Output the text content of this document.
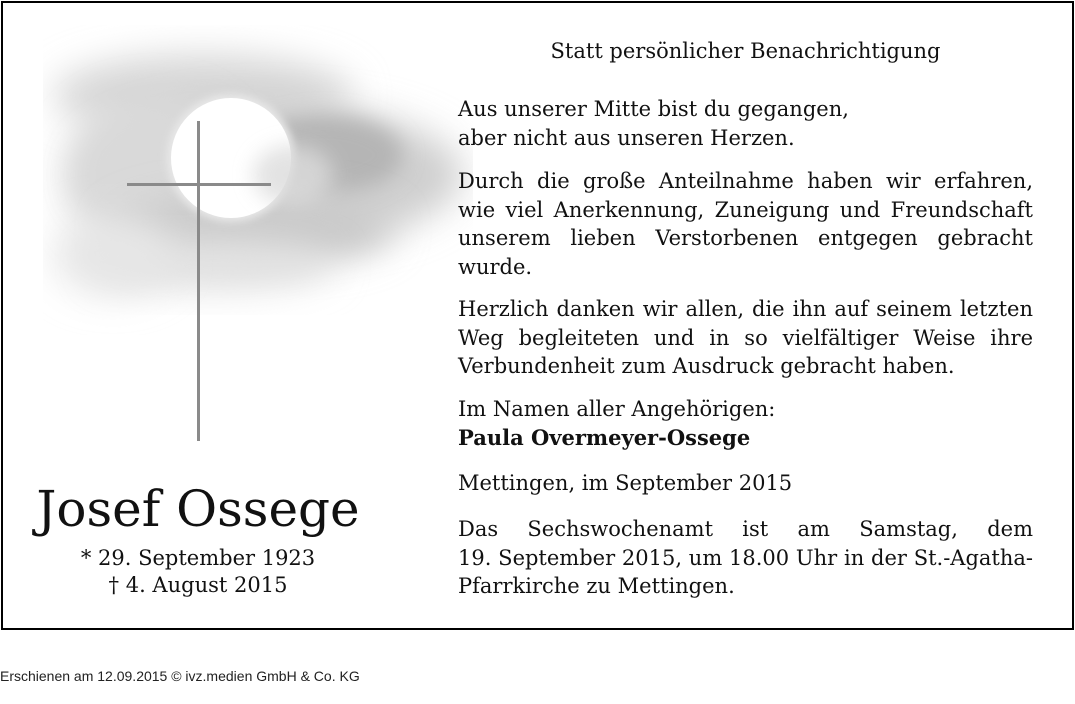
Josef Ossege
* 29. September 1923
† 4. August 2015
Statt persönlicher Benachrichtigung
Aus unserer Mitte bist du gegangen,
aber nicht aus unseren Herzen.
Durch die große Anteilnahme haben wir erfahren,
wie viel Anerkennung, Zuneigung und Freundschaft
unserem lieben Verstorbenen entgegen gebracht
wurde.
Herzlich danken wir allen, die ihn auf seinem letzten
Weg begleiteten und in so vielfältiger Weise ihre
Verbundenheit zum Ausdruck gebracht haben.
Im Namen aller Angehörigen:
Paula Overmeyer-Ossege
Mettingen, im September 2015
Das Sechswochenamt ist am Samstag, dem
19. September 2015, um 18.00 Uhr in der St.-Agatha-
Pfarrkirche zu Mettingen.
Erschienen am 12.09.2015 © ivz.medien GmbH & Co. KG
